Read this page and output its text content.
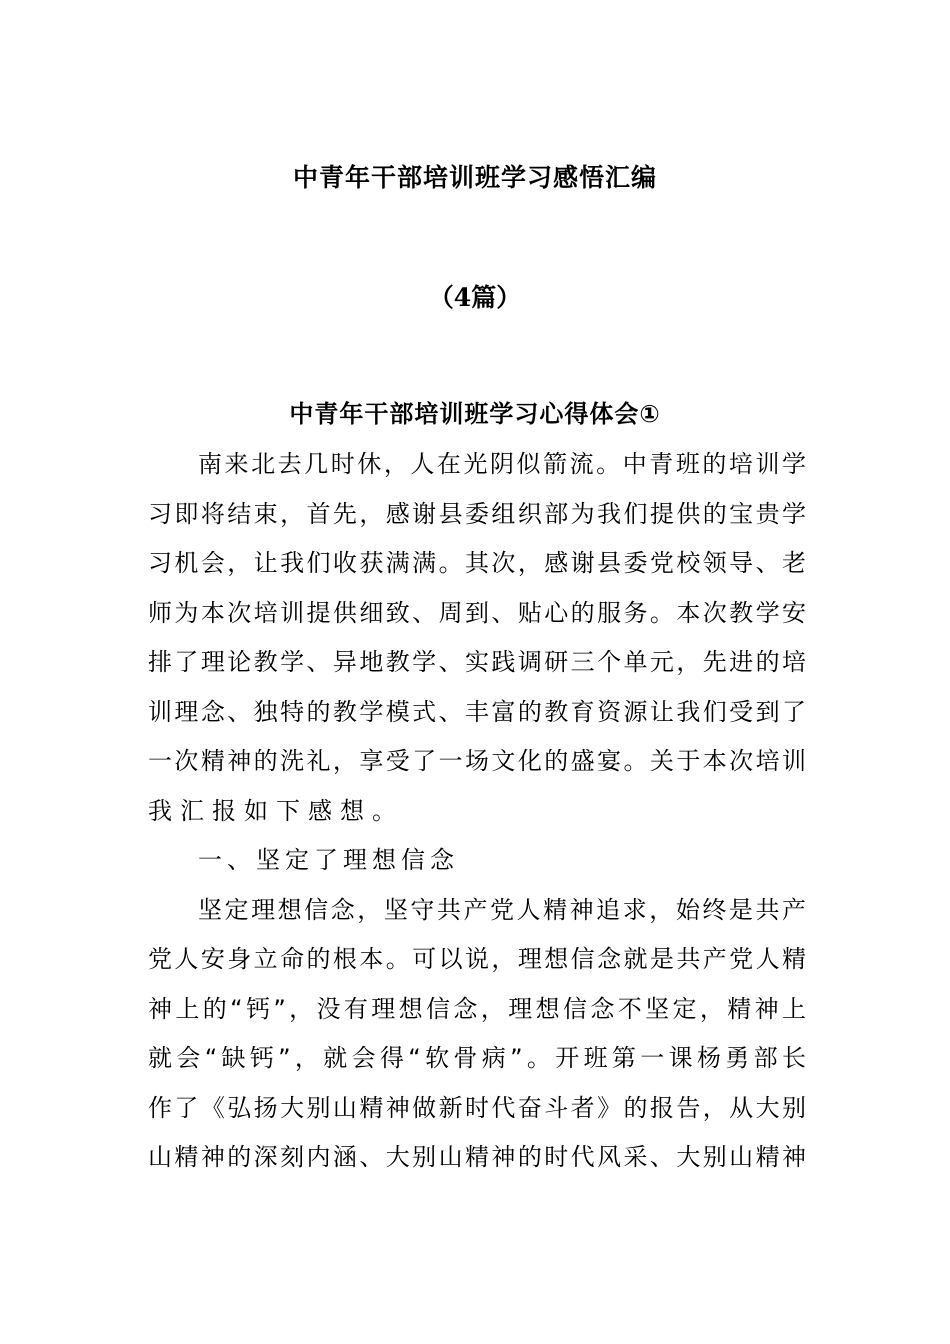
中青年干部培训班学习感悟汇编
（4篇）
中青年干部培训班学习心得体会①
南来北去几时休，人在光阴似箭流。中青班的培训学
习即将结束，首先，感谢县委组织部为我们提供的宝贵学
习机会，让我们收获满满。其次，感谢县委党校领导、老
师为本次培训提供细致、周到、贴心的服务。本次教学安
排了理论教学、异地教学、实践调研三个单元，先进的培
训理念、独特的教学模式、丰富的教育资源让我们受到了
一次精神的洗礼，享受了一场文化的盛宴。关于本次培训
我汇报如下感想。
一、坚定了理想信念
坚定理想信念，坚守共产党人精神追求，始终是共产
党人安身立命的根本。可以说，理想信念就是共产党人精
神上的“钙”，没有理想信念，理想信念不坚定，精神上
就会“缺钙”，就会得“软骨病”。开班第一课杨勇部长
作了《弘扬大别山精神做新时代奋斗者》的报告，从大别
山精神的深刻内涵、大别山精神的时代风采、大别山精神
